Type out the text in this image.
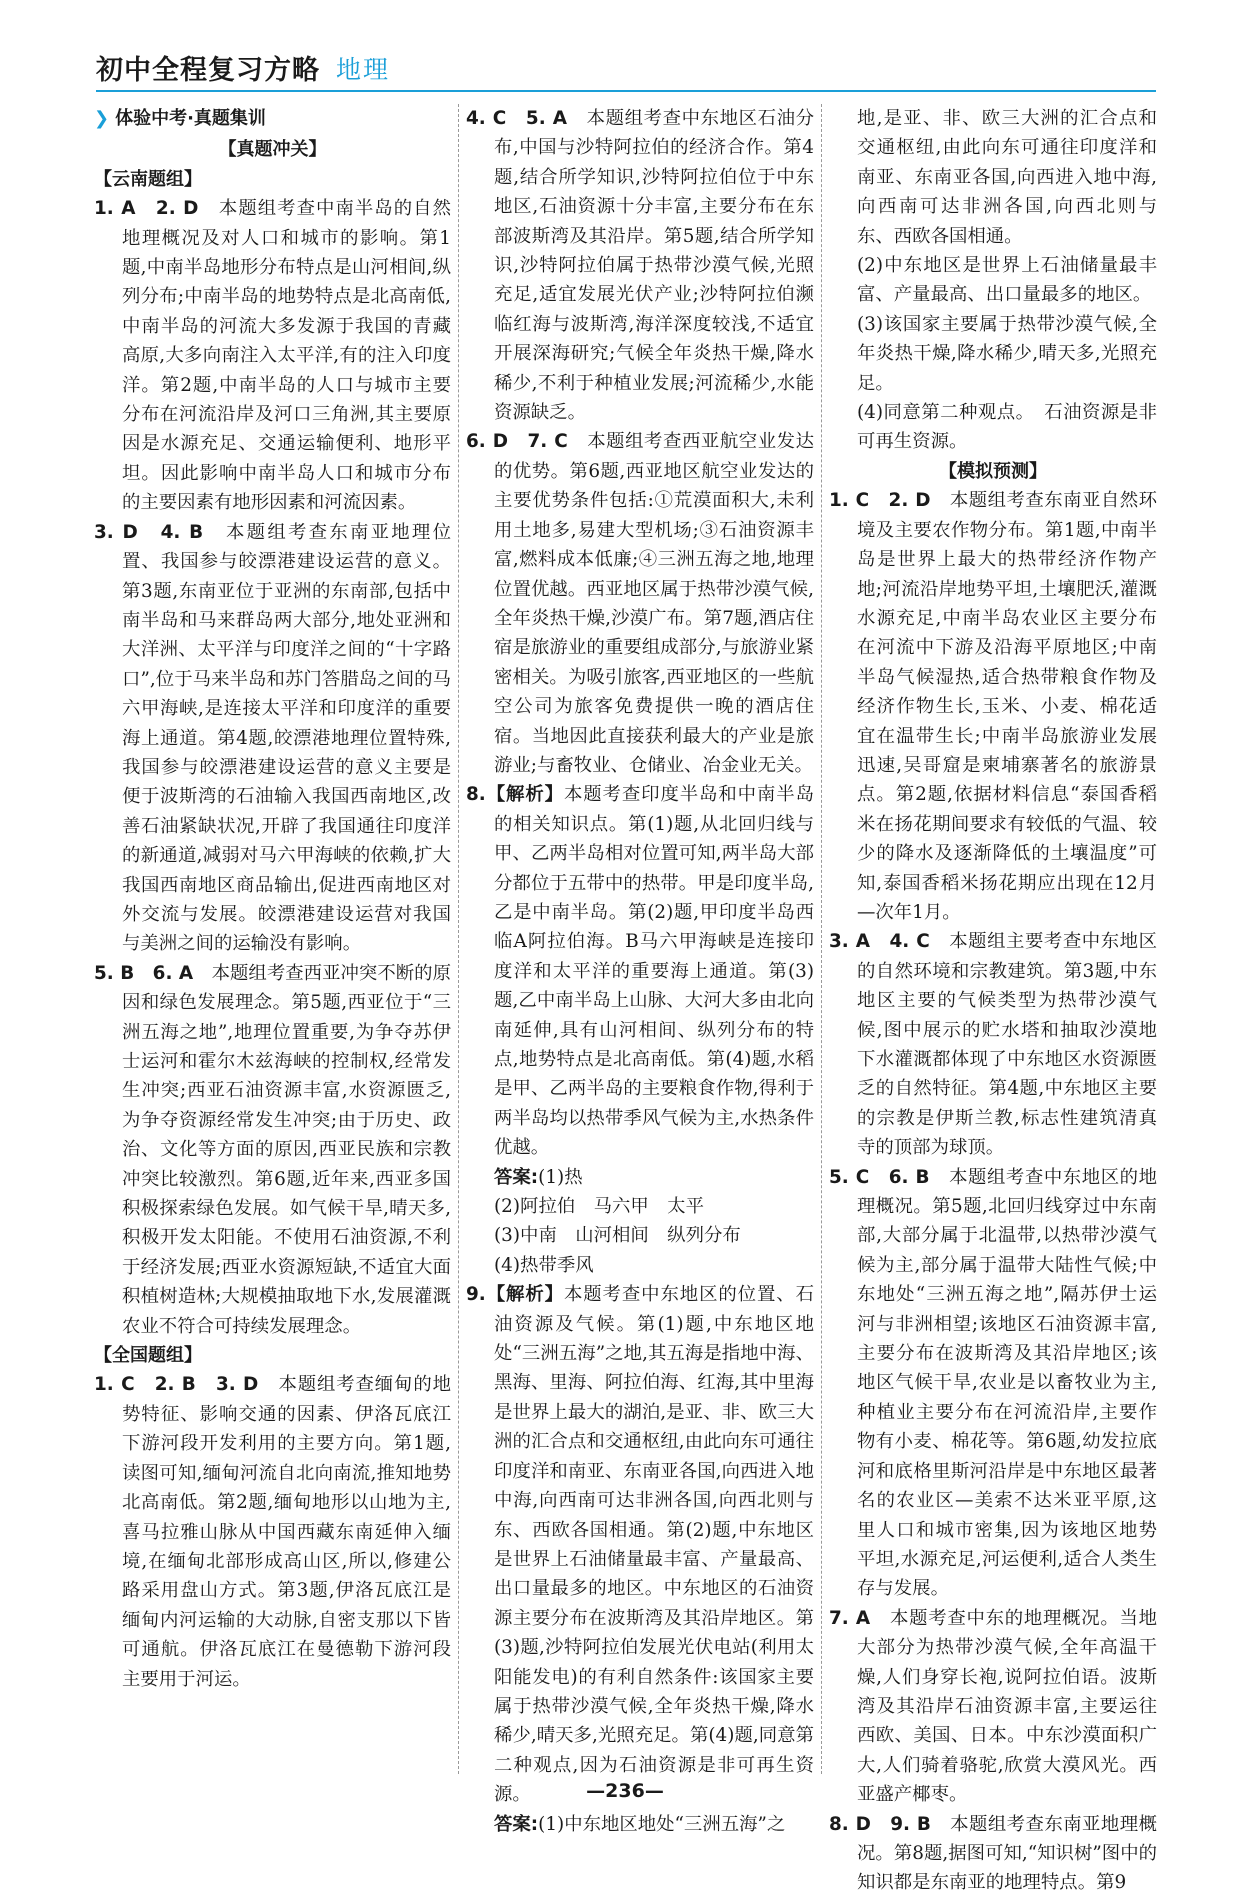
初中全程复习方略 地理
❯ 体验中考·真题集训
【真题冲关】
【云南题组】

1. A　2. D　 本题组考查中南半岛的自然地理概况及对人口和城市的影响。第1题,中南半岛地形分布特点是山河相间,纵列分布;中南半岛的地势特点是北高南低,中南半岛的河流大多发源于我国的青藏高原,大多向南注入太平洋,有的注入印度洋。第2题,中南半岛的人口与城市主要分布在河流沿岸及河口三角洲,其主要原因是水源充足、交通运输便利、地形平坦。因此影响中南半岛人口和城市分布的主要因素有地形因素和河流因素。

3. D　4. B　 本题组考查东南亚地理位置、我国参与皎漂港建设运营的意义。第3题,东南亚位于亚洲的东南部,包括中南半岛和马来群岛两大部分,地处亚洲和大洋洲、太平洋与印度洋之间的“十字路口”,位于马来半岛和苏门答腊岛之间的马六甲海峡,是连接太平洋和印度洋的重要海上通道。第4题,皎漂港地理位置特殊,我国参与皎漂港建设运营的意义主要是便于波斯湾的石油输入我国西南地区,改善石油紧缺状况,开辟了我国通往印度洋的新通道,减弱对马六甲海峡的依赖,扩大我国西南地区商品输出,促进西南地区对外交流与发展。皎漂港建设运营对我国与美洲之间的运输没有影响。

5. B　6. A　 本题组考查西亚冲突不断的原因和绿色发展理念。第5题,西亚位于“三洲五海之地”,地理位置重要,为争夺苏伊士运河和霍尔木兹海峡的控制权,经常发生冲突;西亚石油资源丰富,水资源匮乏,为争夺资源经常发生冲突;由于历史、政治、文化等方面的原因,西亚民族和宗教冲突比较激烈。第6题,近年来,西亚多国积极探索绿色发展。如气候干旱,晴天多,积极开发太阳能。不使用石油资源,不利于经济发展;西亚水资源短缺,不适宜大面积植树造林;大规模抽取地下水,发展灌溉农业不符合可持续发展理念。

【全国题组】

1. C　2. B　3. D　 本题组考查缅甸的地势特征、影响交通的因素、伊洛瓦底江下游河段开发利用的主要方向。第1题,读图可知,缅甸河流自北向南流,推知地势北高南低。第2题,缅甸地形以山地为主,喜马拉雅山脉从中国西藏东南延伸入缅境,在缅甸北部形成高山区,所以,修建公路采用盘山方式。第3题,伊洛瓦底江是缅甸内河运输的大动脉,自密支那以下皆可通航。伊洛瓦底江在曼德勒下游河段主要用于河运。

4. C　5. A　 本题组考查中东地区石油分布,中国与沙特阿拉伯的经济合作。第4题,结合所学知识,沙特阿拉伯位于中东地区,石油资源十分丰富,主要分布在东部波斯湾及其沿岸。第5题,结合所学知识,沙特阿拉伯属于热带沙漠气候,光照充足,适宜发展光伏产业;沙特阿拉伯濒临红海与波斯湾,海洋深度较浅,不适宜开展深海研究;气候全年炎热干燥,降水稀少,不利于种植业发展;河流稀少,水能资源缺乏。

6. D　7. C　 本题组考查西亚航空业发达的优势。第6题,西亚地区航空业发达的主要优势条件包括:①荒漠面积大,未利用土地多,易建大型机场;③石油资源丰富,燃料成本低廉;④三洲五海之地,地理位置优越。西亚地区属于热带沙漠气候,全年炎热干燥,沙漠广布。第7题,酒店住宿是旅游业的重要组成部分,与旅游业紧密相关。为吸引旅客,西亚地区的一些航空公司为旅客免费提供一晚的酒店住宿。当地因此直接获利最大的产业是旅游业;与畜牧业、仓储业、冶金业无关。

8.【解析】本题考查印度半岛和中南半岛的相关知识点。第(1)题,从北回归线与甲、乙两半岛相对位置可知,两半岛大部分都位于五带中的热带。甲是印度半岛,乙是中南半岛。第(2)题,甲印度半岛西临A阿拉伯海。B马六甲海峡是连接印度洋和太平洋的重要海上通道。第(3)题,乙中南半岛上山脉、大河大多由北向南延伸,具有山河相间、纵列分布的特点,地势特点是北高南低。第(4)题,水稻是甲、乙两半岛的主要粮食作物,得利于两半岛均以热带季风气候为主,水热条件优越。

答案:(1)热

(2)阿拉伯　马六甲　太平

(3)中南　山河相间　纵列分布

(4)热带季风

9.【解析】本题考查中东地区的位置、石油资源及气候。第(1)题,中东地区地处“三洲五海”之地,其五海是指地中海、黑海、里海、阿拉伯海、红海,其中里海是世界上最大的湖泊,是亚、非、欧三大洲的汇合点和交通枢纽,由此向东可通往印度洋和南亚、东南亚各国,向西进入地中海,向西南可达非洲各国,向西北则与东、西欧各国相通。第(2)题,中东地区是世界上石油储量最丰富、产量最高、出口量最多的地区。中东地区的石油资源主要分布在波斯湾及其沿岸地区。第(3)题,沙特阿拉伯发展光伏电站(利用太阳能发电)的有利自然条件:该国家主要属于热带沙漠气候,全年炎热干燥,降水稀少,晴天多,光照充足。第(4)题,同意第二种观点,因为石油资源是非可再生资源。

答案:(1)中东地区地处“三洲五海”之

地,是亚、非、欧三大洲的汇合点和交通枢纽,由此向东可通往印度洋和南亚、东南亚各国,向西进入地中海,向西南可达非洲各国,向西北则与东、西欧各国相通。

(2)中东地区是世界上石油储量最丰富、产量最高、出口量最多的地区。

(3)该国家主要属于热带沙漠气候,全年炎热干燥,降水稀少,晴天多,光照充足。

(4)同意第二种观点。　石油资源是非可再生资源。

【模拟预测】

1. C　2. D　 本题组考查东南亚自然环境及主要农作物分布。第1题,中南半岛是世界上最大的热带经济作物产地;河流沿岸地势平坦,土壤肥沃,灌溉水源充足,中南半岛农业区主要分布在河流中下游及沿海平原地区;中南半岛气候湿热,适合热带粮食作物及经济作物生长,玉米、小麦、棉花适宜在温带生长;中南半岛旅游业发展迅速,吴哥窟是柬埔寨著名的旅游景点。第2题,依据材料信息“泰国香稻米在扬花期间要求有较低的气温、较少的降水及逐渐降低的土壤温度”可知,泰国香稻米扬花期应出现在12月—次年1月。

3. A　4. C　 本题组主要考查中东地区的自然环境和宗教建筑。第3题,中东地区主要的气候类型为热带沙漠气候,图中展示的贮水塔和抽取沙漠地下水灌溉都体现了中东地区水资源匮乏的自然特征。第4题,中东地区主要的宗教是伊斯兰教,标志性建筑清真寺的顶部为球顶。

5. C　6. B　 本题组考查中东地区的地理概况。第5题,北回归线穿过中东南部,大部分属于北温带,以热带沙漠气候为主,部分属于温带大陆性气候;中东地处“三洲五海之地”,隔苏伊士运河与非洲相望;该地区石油资源丰富,主要分布在波斯湾及其沿岸地区;该地区气候干旱,农业是以畜牧业为主,种植业主要分布在河流沿岸,主要作物有小麦、棉花等。第6题,幼发拉底河和底格里斯河沿岸是中东地区最著名的农业区—美索不达米亚平原,这里人口和城市密集,因为该地区地势平坦,水源充足,河运便利,适合人类生存与发展。

7. A　 本题考查中东的地理概况。当地大部分为热带沙漠气候,全年高温干燥,人们身穿长袍,说阿拉伯语。波斯湾及其沿岸石油资源丰富,主要运往西欧、美国、日本。中东沙漠面积广大,人们骑着骆驼,欣赏大漠风光。西亚盛产椰枣。

8. D　9. B　 本题组考查东南亚地理概况。第8题,据图可知,“知识树”图中的知识都是东南亚的地理特点。第9

—236—
